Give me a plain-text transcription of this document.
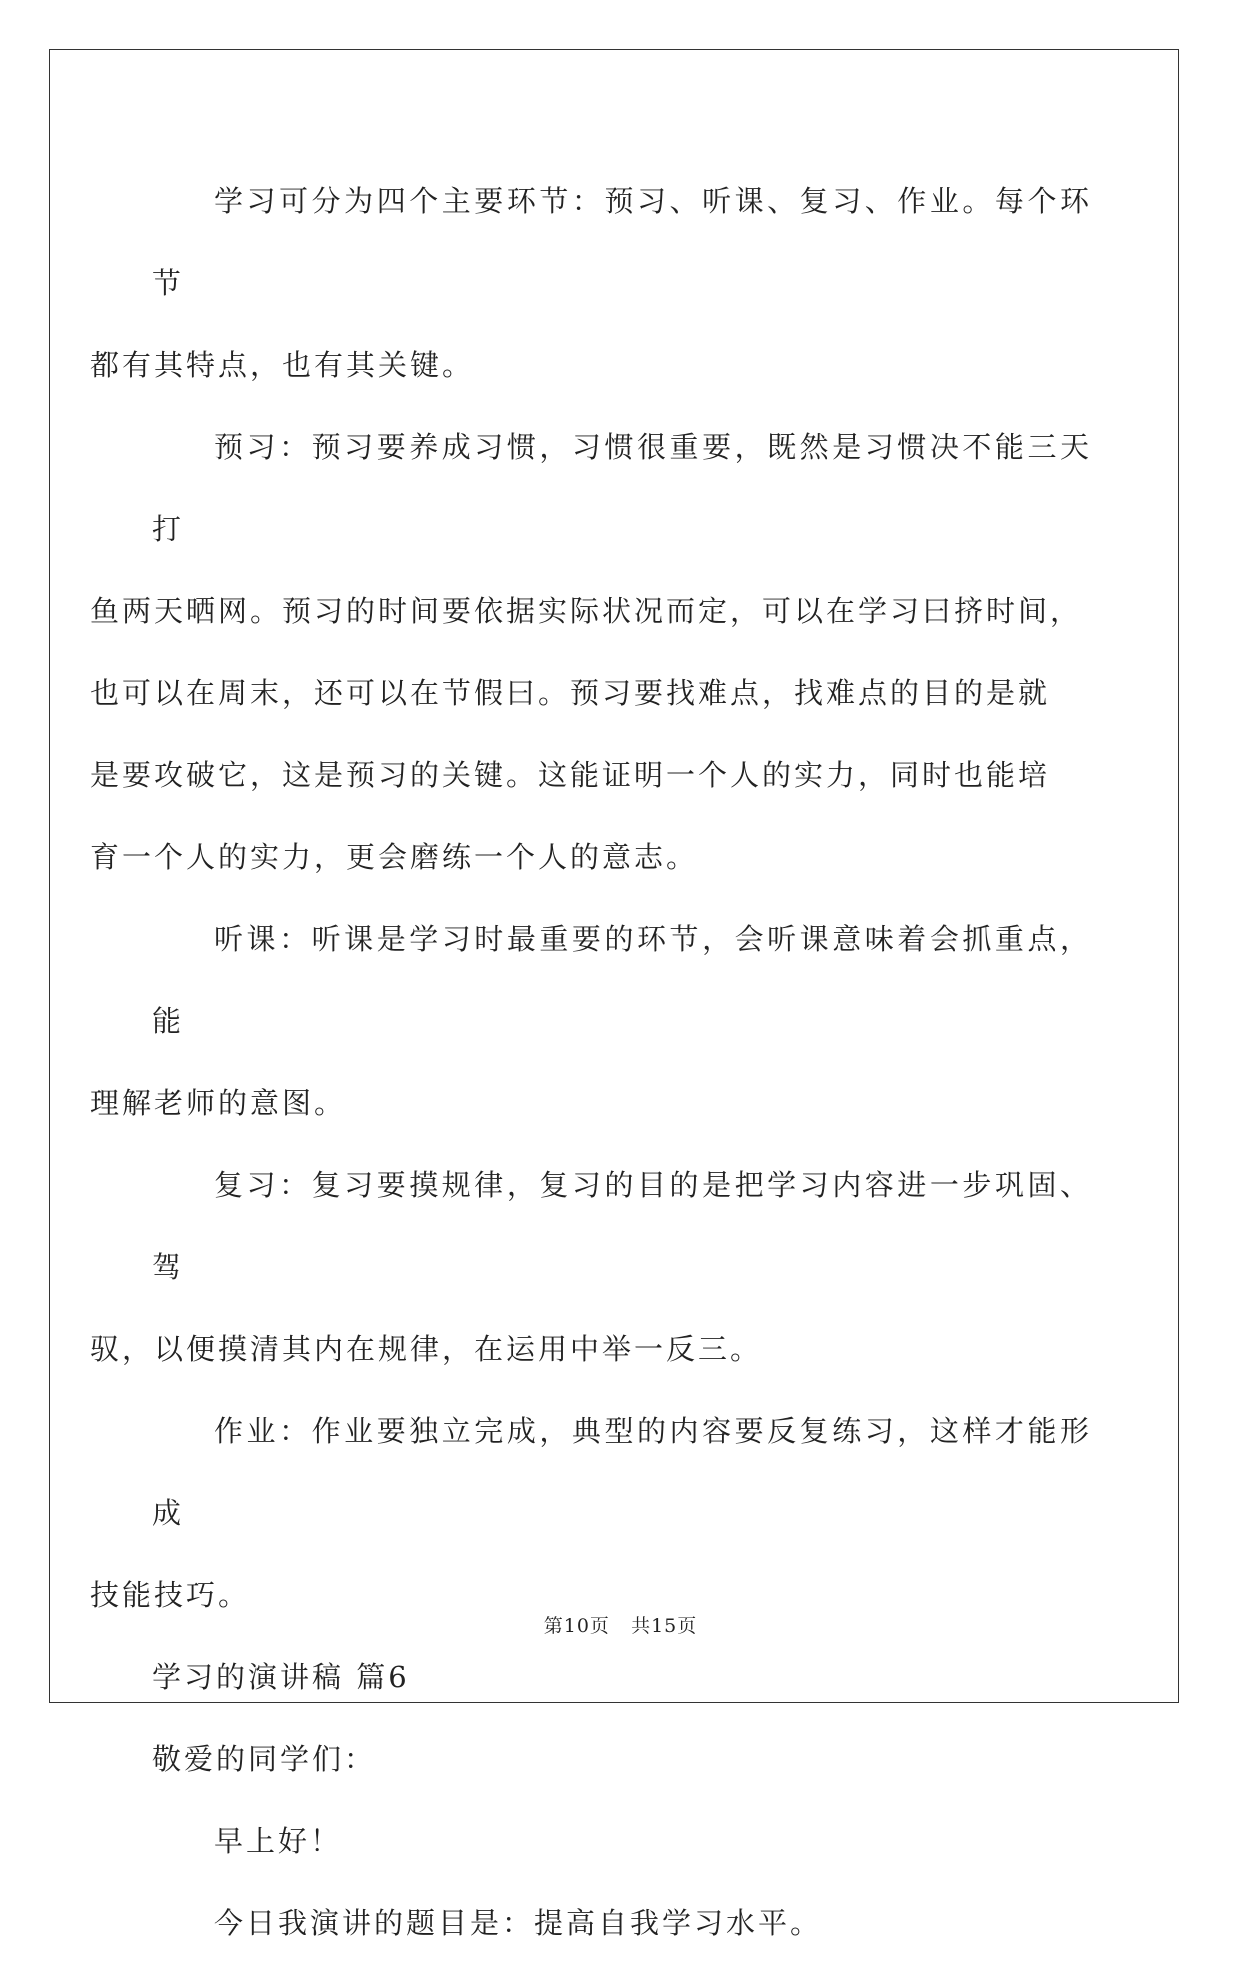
学习可分为四个主要环节：预习、听课、复习、作业。每个环节
都有其特点，也有其关键。

预习：预习要养成习惯，习惯很重要，既然是习惯决不能三天打
鱼两天晒网。预习的时间要依据实际状况而定，可以在学习曰挤时间，
也可以在周末，还可以在节假曰。预习要找难点，找难点的目的是就
是要攻破它，这是预习的关键。这能证明一个人的实力，同时也能培
育一个人的实力，更会磨练一个人的意志。

听课：听课是学习时最重要的环节，会听课意味着会抓重点，能
理解老师的意图。

复习：复习要摸规律，复习的目的是把学习内容进一步巩固、驾
驭，以便摸清其内在规律，在运用中举一反三。

作业：作业要独立完成，典型的内容要反复练习，这样才能形成
技能技巧。

学习的演讲稿 篇6

敬爱的同学们：

早上好！

今日我演讲的题目是：提高自我学习水平。

第10页 共15页
